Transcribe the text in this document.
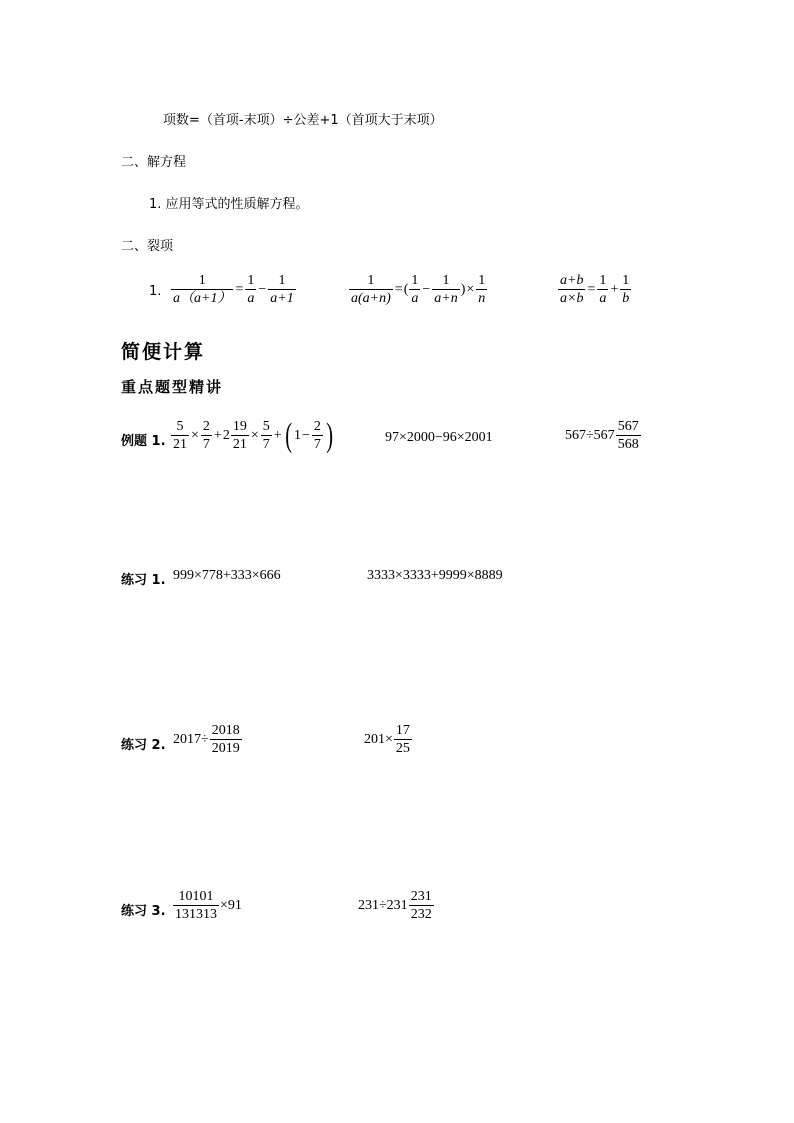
项数=（首项-末项）÷公差+1（首项大于末项）
二、解方程
1. 应用等式的性质解方程。
二、裂项
1. $\frac{1}{a(a+1)} = \frac{1}{a} - \frac{1}{a+1}$	$\frac{1}{a(a+n)}$ = ( $\frac{1}{a} - \frac{1}{a+n}$ ) × $\frac{1}{n}$	$\frac{a+b}{a\times b} = \frac{1}{a} + \frac{1}{b}$
简便计算
重点题型精讲
例题 1. $\frac{5}{21} \times \frac{2}{7} + 2 \frac{19}{21} \times \frac{5}{7}$ + ( $1 - \frac{2}{7}$ )	97×2000−96×2001	$567\div 567 \frac{567}{568}$
练习 1. 999×778+333×666	3333×3333+9999×8889
练习 2. $2017\div \frac{2018}{2019}$	$201\times \frac{17}{25}$
练习 3. $\frac{10101}{131313} \times 91$	$231\div 231 \frac{231}{232}$
